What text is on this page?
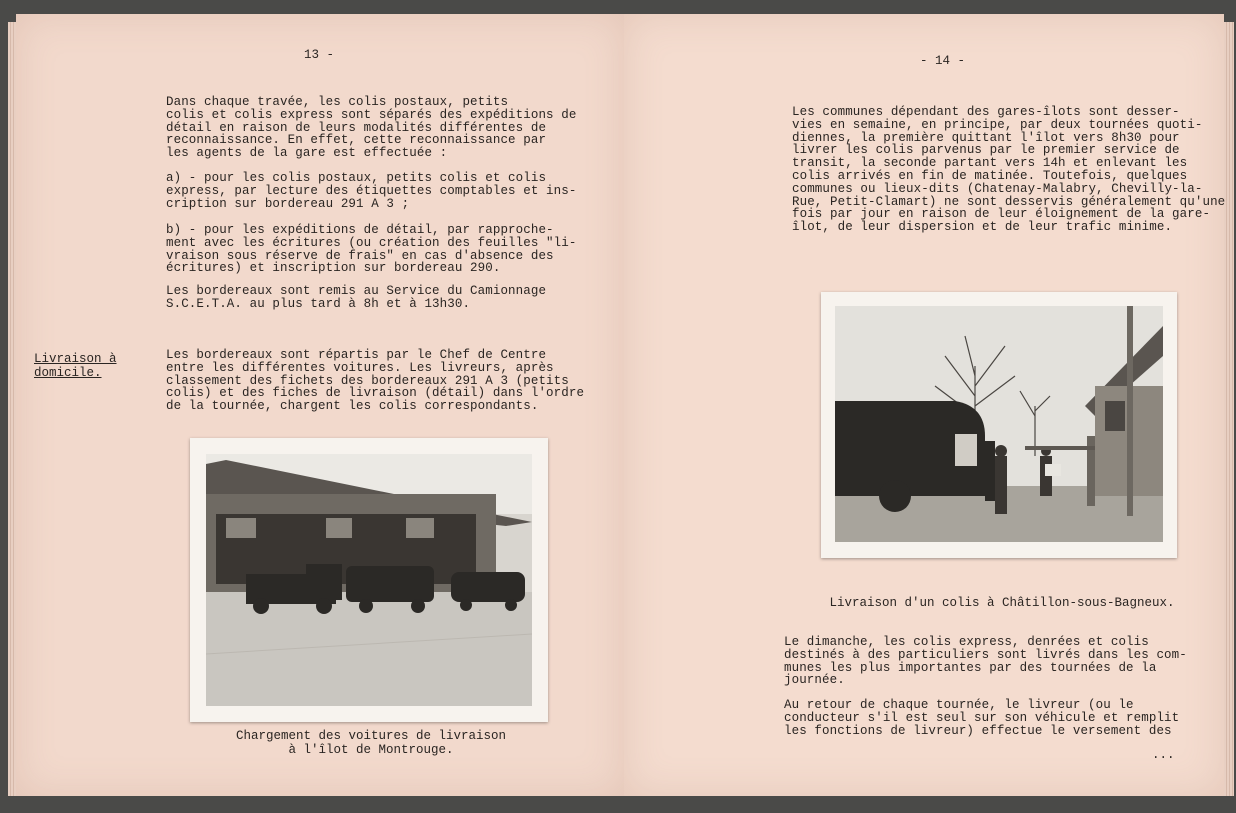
13 -

Dans chaque travée, les colis postaux, petits
colis et colis express sont séparés des expéditions de
détail en raison de leurs modalités différentes de
reconnaissance. En effet, cette reconnaissance par
les agents de la gare est effectuée :

a) - pour les colis postaux, petits colis et colis
express, par lecture des étiquettes comptables et ins-
cription sur bordereau 291 A 3 ;

b) - pour les expéditions de détail, par rapproche-
ment avec les écritures (ou création des feuilles "li-
vraison sous réserve de frais" en cas d'absence des
écritures) et inscription sur bordereau 290.

Les bordereaux sont remis au Service du Camionnage
S.C.E.T.A. au plus tard à 8h et à 13h30.

Livraison à
domicile.

Les bordereaux sont répartis par le Chef de Centre
entre les différentes voitures. Les livreurs, après
classement des fichets des bordereaux 291 A 3 (petits
colis) et des fiches de livraison (détail) dans l'ordre
de la tournée, chargent les colis correspondants.

Chargement des voitures de livraison
à l'îlot de Montrouge.
- 14 -

Les communes dépendant des gares-îlots sont desser-
vies en semaine, en principe, par deux tournées quoti-
diennes, la première quittant l'îlot vers 8h30 pour
livrer les colis parvenus par le premier service de
transit, la seconde partant vers 14h et enlevant les
colis arrivés en fin de matinée. Toutefois, quelques
communes ou lieux-dits (Chatenay-Malabry, Chevilly-la-
Rue, Petit-Clamart) ne sont desservis généralement qu'une
fois par jour en raison de leur éloignement de la gare-
îlot, de leur dispersion et de leur trafic minime.

Livraison d'un colis à Châtillon-sous-Bagneux.

Le dimanche, les colis express, denrées et colis
destinés à des particuliers sont livrés dans les com-
munes les plus importantes par des tournées de la
journée.

Au retour de chaque tournée, le livreur (ou le
conducteur s'il est seul sur son véhicule et remplit
les fonctions de livreur) effectue le versement des

...
